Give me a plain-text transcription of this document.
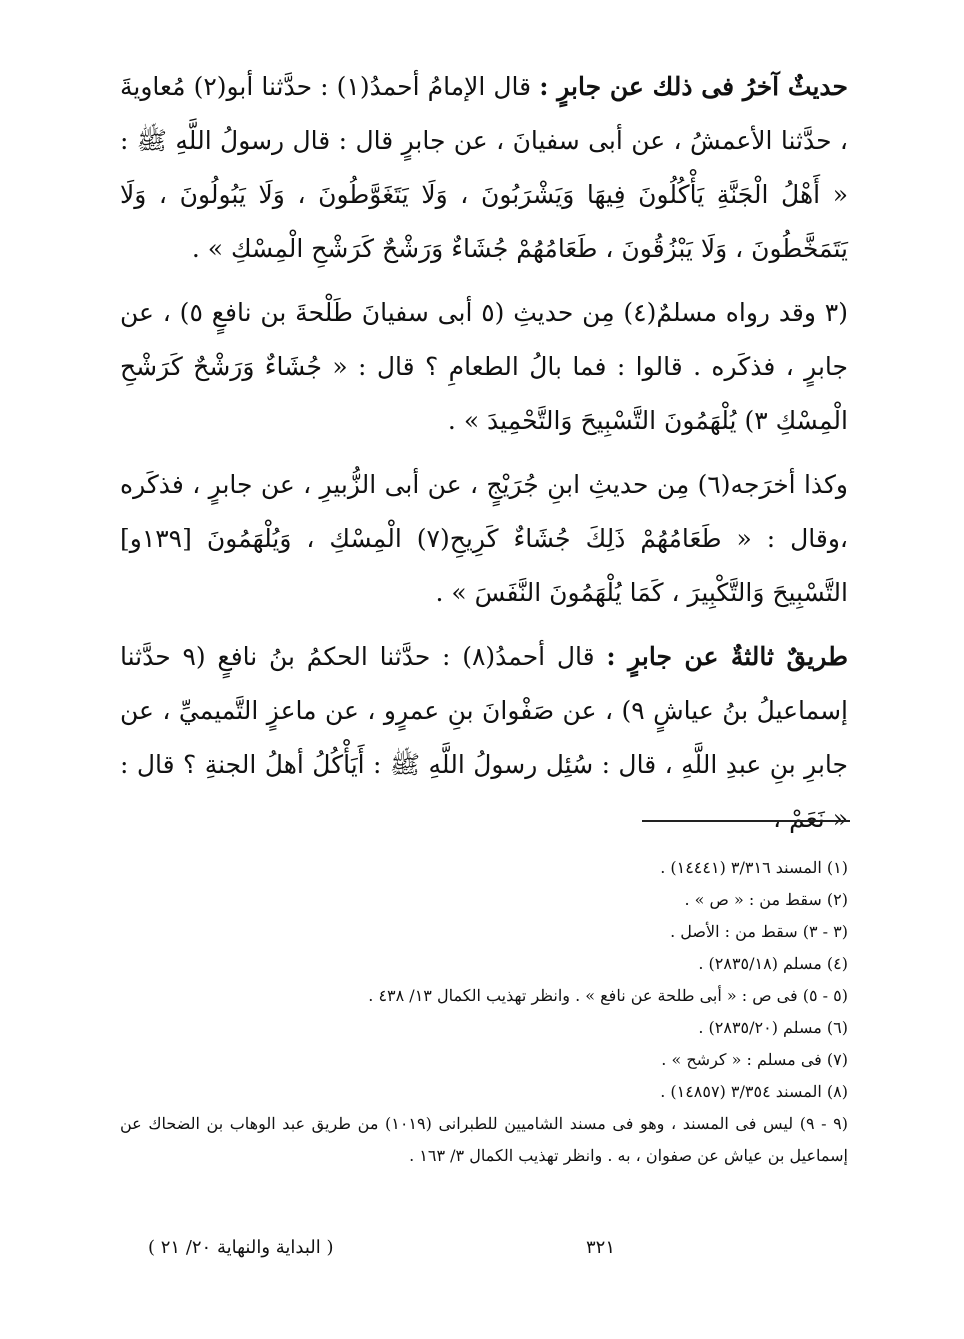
حديثٌ آخرُ فى ذلك عن جابرٍ : قال الإمامُ أحمدُ(١) : حدَّثنا أبو(٢) مُعاويةَ ، حدَّثنا الأعمشُ ، عن أبى سفيانَ ، عن جابرٍ قال : قال رسولُ اللَّهِ ﷺ : « أَهْلُ الْجَنَّةِ يَأْكُلُونَ فِيهَا وَيَشْرَبُونَ ، وَلَا يَتَغَوَّطُونَ ، وَلَا يَبُولُونَ ، وَلَا يَتَمَخَّطُونَ ، وَلَا يَبْزُقُونَ ، طَعَامُهُمْ جُشَاءٌ وَرَشْحٌ كَرَشْحِ الْمِسْكِ » .

(٣ وقد رواه مسلمٌ(٤) مِن حديثِ (٥ أبى سفيانَ طَلْحةَ بن نافعٍ ٥) ، عن جابرٍ ، فذكَره . قالوا : فما بالُ الطعامِ ؟ قال : « جُشَاءٌ وَرَشْحٌ كَرَشْحِ الْمِسْكِ ٣) يُلْهَمُونَ التَّسْبِيحَ وَالتَّحْمِيدَ » .

وكذا أخرَجه(٦) مِن حديثِ ابنِ جُرَيْجٍ ، عن أبى الزُّبيرِ ، عن جابرٍ ، فذكَره ،وقال : « طَعَامُهُمْ ذَلِكَ جُشَاءٌ كَرِيحِ(٧) الْمِسْكِ ، وَيُلْهَمُونَ [١٣٩و] التَّسْبِيحَ وَالتَّكْبِيرَ ، كَمَا يُلْهَمُونَ النَّفَسَ » .

طريقٌ ثالثةٌ عن جابرٍ : قال أحمدُ(٨) : حدَّثنا الحكمُ بنُ نافعٍ (٩ حدَّثنا إسماعيلُ بنُ عياشٍ ٩) ، عن صَفْوانَ بنِ عمرٍو ، عن ماعزٍ التَّميميِّ ، عن جابرِ بنِ عبدِ اللَّهِ ، قال : سُئِل رسولُ اللَّهِ ﷺ : أَيَأْكُلُ أهلُ الجنةِ ؟ قال : « نَعَمْ ،

(١) المسند ٣/٣١٦ (١٤٤٤١) .

(٢) سقط من : « ص » .

(٣ - ٣) سقط من : الأصل .

(٤) مسلم (٢٨٣٥/١٨) .

(٥ - ٥) فى ص : « أبى طلحة عن نافع » . وانظر تهذيب الكمال ١٣/ ٤٣٨ .

(٦) مسلم (٢٨٣٥/٢٠) .

(٧) فى مسلم : « كرشح » .

(٨) المسند ٣/٣٥٤ (١٤٨٥٧) .

(٩ - ٩) ليس فى المسند ، وهو فى مسند الشاميين للطبرانى (١٠١٩) من طريق عبد الوهاب بن الضحاك عن إسماعيل بن عياش عن صفوان ، به . وانظر تهذيب الكمال ٣/ ١٦٣ .

٣٢١
( البداية والنهاية ٢٠/ ٢١ )
